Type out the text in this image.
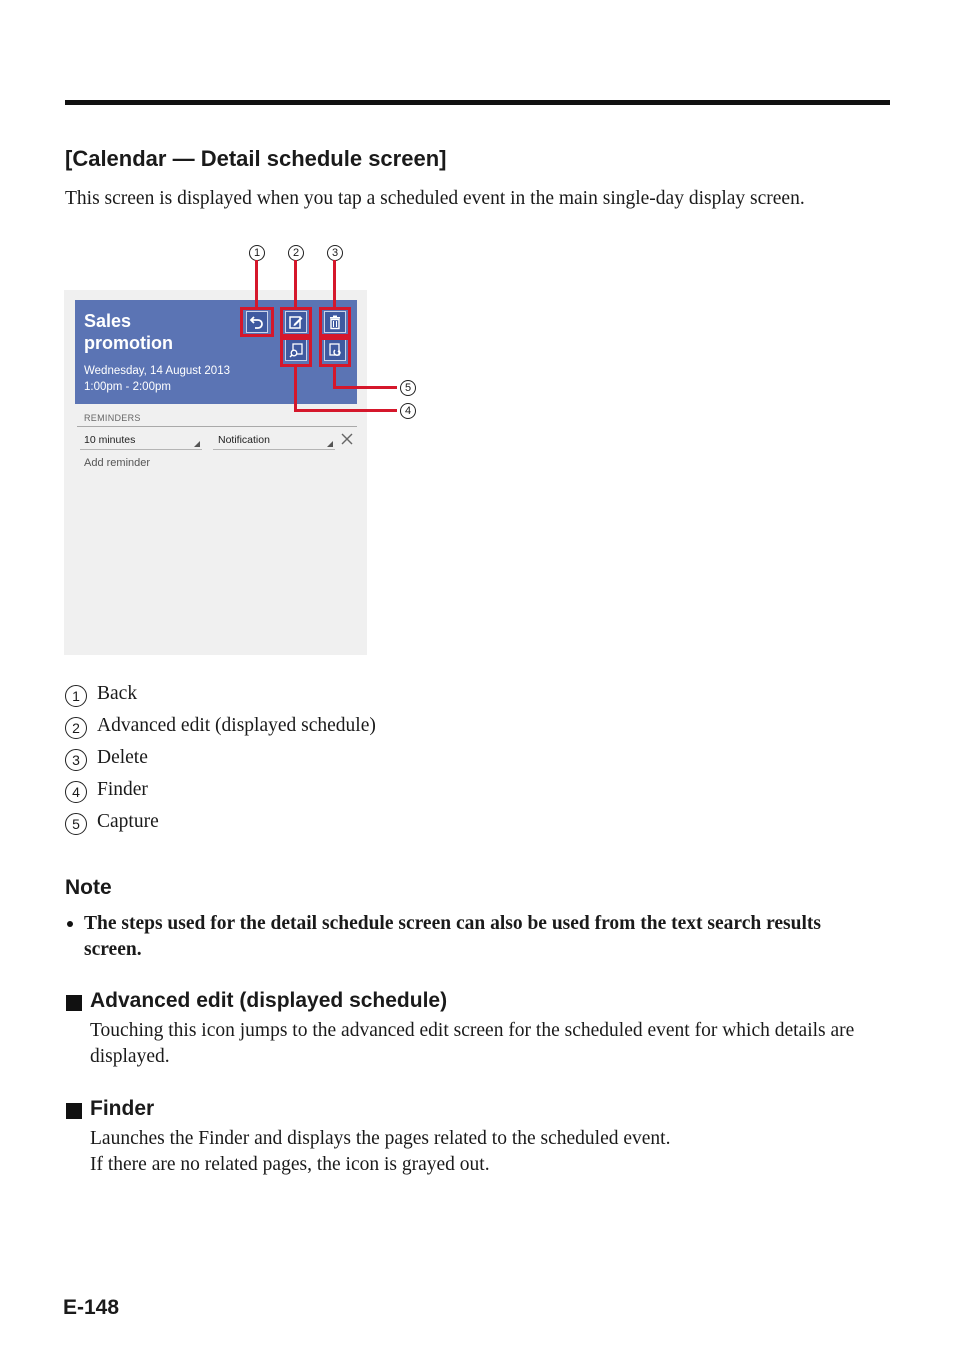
[Calendar — Detail schedule screen]
This screen is displayed when you tap a scheduled event in the main single-day display screen.
1	2	3
5
4
Sales promotion
Wednesday, 14 August 2013
1:00pm - 2:00pm
REMINDERS
10 minutes	Notification
Add reminder
1 Back
2 Advanced edit (displayed schedule)
3 Delete
4 Finder
5 Capture
Note
The steps used for the detail schedule screen can also be used from the text search results screen.
Advanced edit (displayed schedule)
Touching this icon jumps to the advanced edit screen for the scheduled event for which details are displayed.
Finder
Launches the Finder and displays the pages related to the scheduled event.
If there are no related pages, the icon is grayed out.
E-148
